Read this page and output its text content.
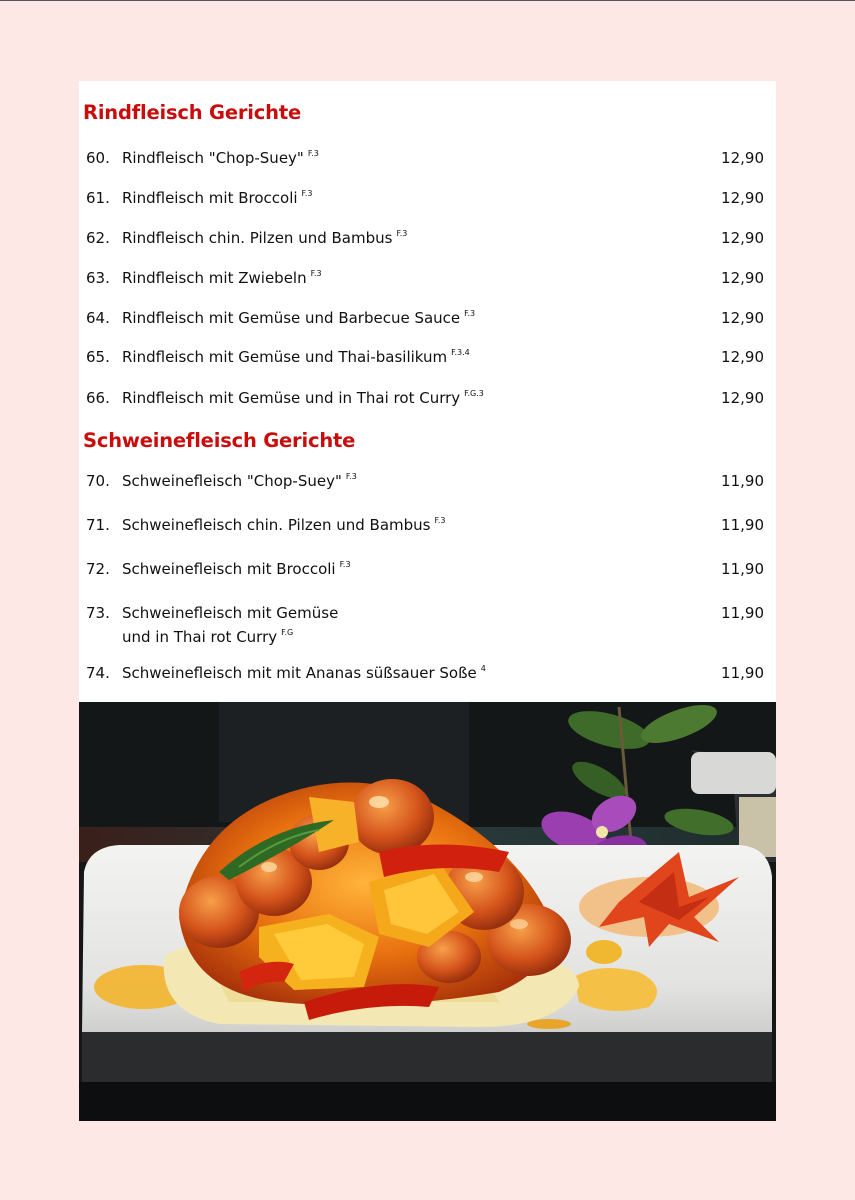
Rindfleisch Gerichte
60. Rindfleisch "Chop-Suey" $^{F.3}$	12,90
61. Rindfleisch mit Broccoli $^{F.3}$	12,90
62. Rindfleisch chin. Pilzen und Bambus $^{F.3}$	12,90
63. Rindfleisch mit Zwiebeln $^{F.3}$	12,90
64. Rindfleisch mit Gemüse und Barbecue Sauce $^{F.3}$	12,90
65. Rindfleisch mit Gemüse und Thai-basilikum $^{F.3.4}$	12,90
66. Rindfleisch mit Gemüse und in Thai rot Curry $^{F.G.3}$	12,90
Schweinefleisch Gerichte
70. Schweinefleisch "Chop-Suey" $^{F.3}$	11,90
71. Schweinefleisch chin. Pilzen und Bambus $^{F.3}$	11,90
72. Schweinefleisch mit Broccoli $^{F.3}$	11,90
73. Schweinefleisch mit Gemüse
und in Thai rot Curry $^{F.G}$
11,90
74. Schweinefleisch mit mit Ananas süßsauer Soße $^4$	11,90
